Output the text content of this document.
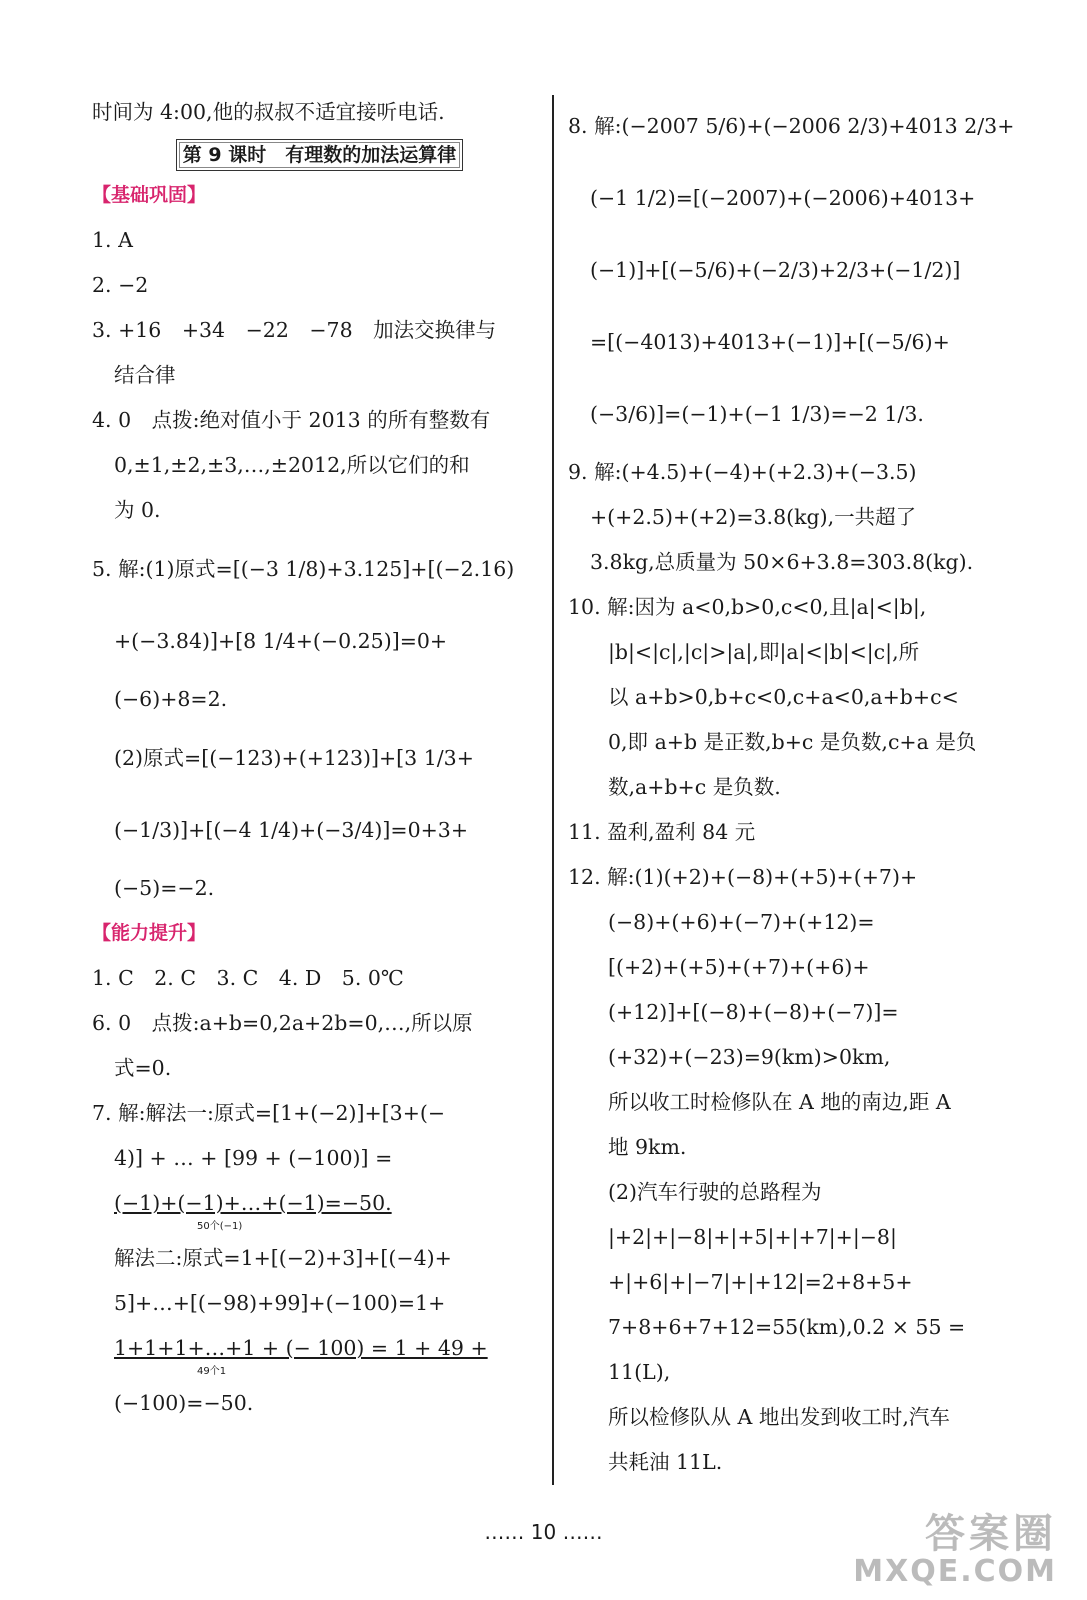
时间为 4:00,他的叔叔不适宜接听电话.
第 9 课时　有理数的加法运算律
【基础巩固】
1. A
2. −2
3. +16　+34　−22　−78　加法交换律与
结合律
4. 0　点拨:绝对值小于 2013 的所有整数有
0,±1,±2,±3,…,±2012,所以它们的和
为 0.
5. 解:(1)原式=[(−3 1/8)+3.125]+[(−2.16)
+(−3.84)]+[8 1/4+(−0.25)]=0+
(−6)+8=2.
(2)原式=[(−123)+(+123)]+[3 1/3+
(−1/3)]+[(−4 1/4)+(−3/4)]=0+3+
(−5)=−2.
【能力提升】
1. C　2. C　3. C　4. D　5. 0℃
6. 0　点拨:a+b=0,2a+2b=0,…,所以原
式=0.
7. 解:解法一:原式=[1+(−2)]+[3+(−
4)] + … + [99 + (−100)] =
(−1)+(−1)+…+(−1)=−50.
50个(−1)
解法二:原式=1+[(−2)+3]+[(−4)+
5]+…+[(−98)+99]+(−100)=1+
1+1+1+…+1 + (− 100) = 1 + 49 +
49个1
(−100)=−50.
8. 解:(−2007 5/6)+(−2006 2/3)+4013 2/3+
(−1 1/2)=[(−2007)+(−2006)+4013+
(−1)]+[(−5/6)+(−2/3)+2/3+(−1/2)]
=[(−4013)+4013+(−1)]+[(−5/6)+
(−3/6)]=(−1)+(−1 1/3)=−2 1/3.
9. 解:(+4.5)+(−4)+(+2.3)+(−3.5)
+(+2.5)+(+2)=3.8(kg),一共超了
3.8kg,总质量为 50×6+3.8=303.8(kg).
10. 解:因为 a<0,b>0,c<0,且|a|<|b|,
|b|<|c|,|c|>|a|,即|a|<|b|<|c|,所
以 a+b>0,b+c<0,c+a<0,a+b+c<
0,即 a+b 是正数,b+c 是负数,c+a 是负
数,a+b+c 是负数.
11. 盈利,盈利 84 元
12. 解:(1)(+2)+(−8)+(+5)+(+7)+
(−8)+(+6)+(−7)+(+12)=
[(+2)+(+5)+(+7)+(+6)+
(+12)]+[(−8)+(−8)+(−7)]=
(+32)+(−23)=9(km)>0km,
所以收工时检修队在 A 地的南边,距 A
地 9km.
(2)汽车行驶的总路程为
|+2|+|−8|+|+5|+|+7|+|−8|
+|+6|+|−7|+|+12|=2+8+5+
7+8+6+7+12=55(km),0.2 × 55 =
11(L),
所以检修队从 A 地出发到收工时,汽车
共耗油 11L.
…… 10 ……	答案圈
MXQE.COM
